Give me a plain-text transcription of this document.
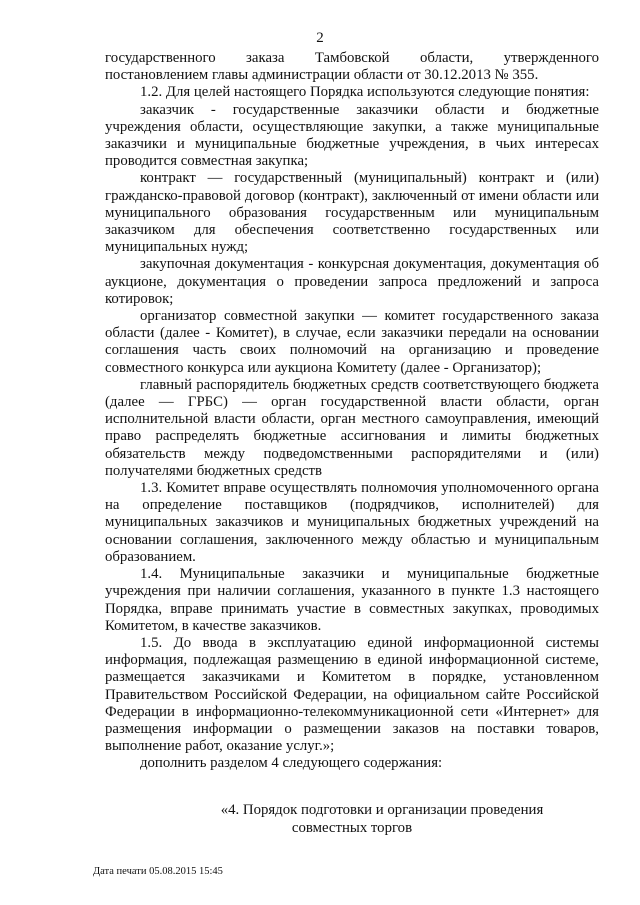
2

государственного заказа Тамбовской области, утвержденного постановлением главы администрации области от 30.12.2013 № 355.

1.2. Для целей настоящего Порядка используются следующие понятия:

заказчик - государственные заказчики области и бюджетные учреждения области, осуществляющие закупки, а также муниципальные заказчики и муниципальные бюджетные учреждения, в чьих интересах проводится совместная закупка;

контракт — государственный (муниципальный) контракт и (или) гражданско-правовой договор (контракт), заключенный от имени области или муниципального образования государственным или муниципальным заказчиком для обеспечения соответственно государственных или муниципальных нужд;

закупочная документация - конкурсная документация, документация об аукционе, документация о проведении запроса предложений и запроса котировок;

организатор совместной закупки — комитет государственного заказа области (далее - Комитет), в случае, если заказчики передали на основании соглашения часть своих полномочий на организацию и проведение совместного конкурса или аукциона Комитету (далее - Организатор);

главный распорядитель бюджетных средств соответствующего бюджета (далее — ГРБС) — орган государственной власти области, орган исполнительной власти области, орган местного самоуправления, имеющий право распределять бюджетные ассигнования и лимиты бюджетных обязательств между подведомственными распорядителями и (или) получателями бюджетных средств

1.3. Комитет вправе осуществлять полномочия уполномоченного органа на определение поставщиков (подрядчиков, исполнителей) для муниципальных заказчиков и муниципальных бюджетных учреждений на основании соглашения, заключенного между областью и муниципальным образованием.

1.4. Муниципальные заказчики и муниципальные бюджетные учреждения при наличии соглашения, указанного в пункте 1.3 настоящего Порядка, вправе принимать участие в совместных закупках, проводимых Комитетом, в качестве заказчиков.

1.5. До ввода в эксплуатацию единой информационной системы информация, подлежащая размещению в единой информационной системе, размещается заказчиками и Комитетом в порядке, установленном Правительством Российской Федерации, на официальном сайте Российской Федерации в информационно-телекоммуникационной сети «Интернет» для размещения информации о размещении заказов на поставки товаров, выполнение работ, оказание услуг.»;

дополнить разделом 4 следующего содержания:

«4. Порядок подготовки и организации проведения
совместных торгов
Дата печати 05.08.2015 15:45
